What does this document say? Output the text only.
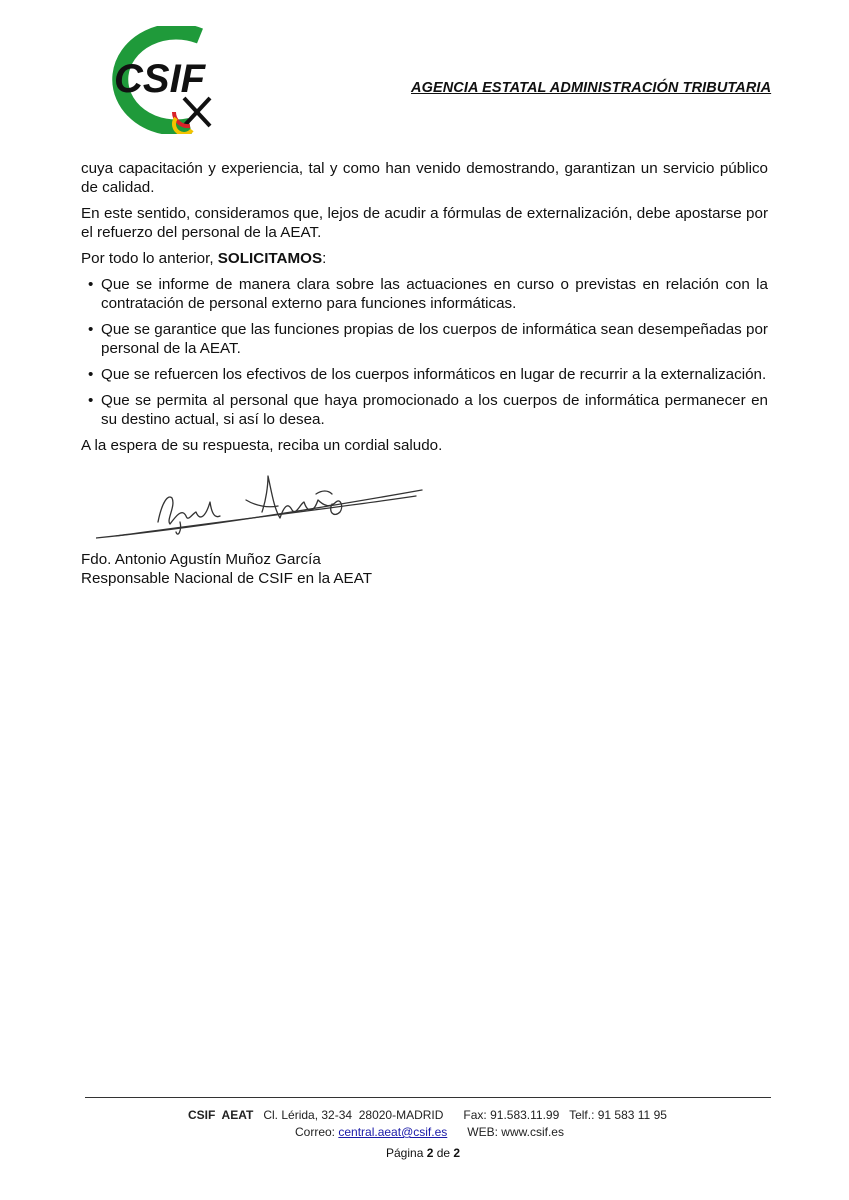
CSIF	AGENCIA ESTATAL ADMINISTRACIÓN TRIBUTARIA

cuya capacitación y experiencia, tal y como han venido demostrando, garantizan un servicio público de calidad.

En este sentido, consideramos que, lejos de acudir a fórmulas de externalización, debe apostarse por el refuerzo del personal de la AEAT.

Por todo lo anterior, SOLICITAMOS:

• Que se informe de manera clara sobre las actuaciones en curso o previstas en relación con la contratación de personal externo para funciones informáticas.
• Que se garantice que las funciones propias de los cuerpos de informática sean desempeñadas por personal de la AEAT.
• Que se refuercen los efectivos de los cuerpos informáticos en lugar de recurrir a la externalización.
• Que se permita al personal que haya promocionado a los cuerpos de informática permanecer en su destino actual, si así lo desea.

A la espera de su respuesta, reciba un cordial saludo.

Fdo. Antonio Agustín Muñoz García
Responsable Nacional de CSIF en la AEAT
CSIF  AEAT   Cl. Lérida, 32-34  28020-MADRID      Fax: 91.583.11.99   Telf.: 91 583 11 95
Correo: central.aeat@csif.es      WEB: www.csif.es
Página 2 de 2
